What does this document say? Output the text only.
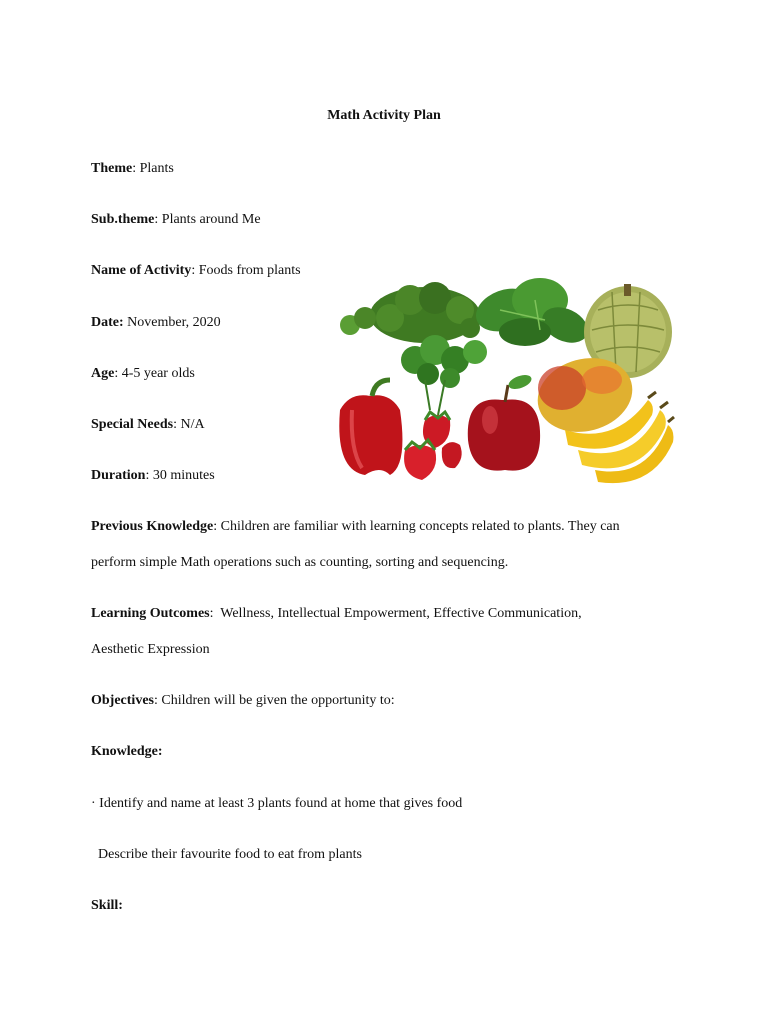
Math Activity Plan
Theme: Plants
Sub.theme: Plants around Me
Name of Activity: Foods from plants
Date: November, 2020
Age: 4-5 year olds
Special Needs: N/A
Duration: 30 minutes
Previous Knowledge: Children are familiar with learning concepts related to plants. They can
perform simple Math operations such as counting, sorting and sequencing.
Learning Outcomes:  Wellness, Intellectual Empowerment, Effective Communication,
Aesthetic Expression
Objectives: Children will be given the opportunity to:
Knowledge:
· Identify and name at least 3 plants found at home that gives food
Describe their favourite food to eat from plants
Skill:
